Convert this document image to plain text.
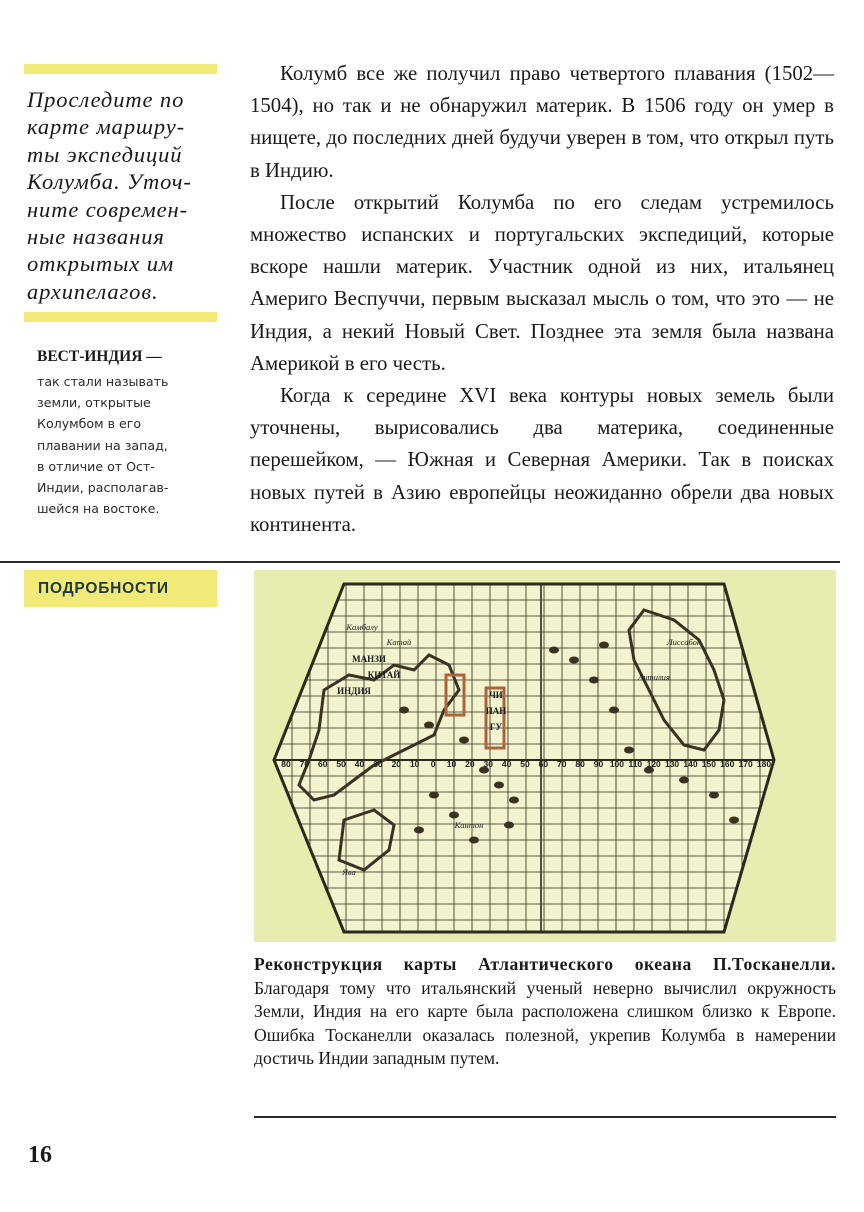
Проследите по
карте маршру-
ты экспедиций
Колумба. Уточ-
ните современ-
ные названия
открытых им
архипелагов.
ВЕСТ-ИНДИЯ —
так стали называть
земли, открытые
Колумбом в его
плавании на запад,
в отличие от Ост-
Индии, располагав-
шейся на востоке.

Колумб все же получил право четвертого плавания (1502—1504), но так и не обнаружил материк. В 1506 году он умер в нищете, до последних дней будучи уверен в том, что открыл путь в Индию.

После открытий Колумба по его следам устремилось множество испанских и португальских экспедиций, которые вскоре нашли материк. Участник одной из них, итальянец Америго Веспуччи, первым высказал мысль о том, что это — не Индия, а некий Новый Свет. Позднее эта земля была названа Америкой в его честь.

Когда к середине XVI века контуры новых земель были уточнены, вырисовались два материка, соединенные перешейком, — Южная и Северная Америки. Так в поисках новых путей в Азию европейцы неожиданно обрели два новых континента.

ПОДРОБНОСТИ
80 70 60 50 40 30 20 10 0 10 20 30 40 50 60 70 80 90 100 110 120 130 140 150 160 170 180
МАНЗИ
КИТАЙ
ИНДИЯ	ЧИ
ПАН
ГУ
Камбалу
Катай
Антилия
Лиссабон
Кантон
Ява
Реконструкция карты Атлантического океана П.Тосканелли. Благодаря тому что итальянский ученый неверно вычислил окружность Земли, Индия на его карте была расположена слишком близко к Европе. Ошибка Тосканелли оказалась полезной, укрепив Колумба в намерении достичь Индии западным путем.
16
